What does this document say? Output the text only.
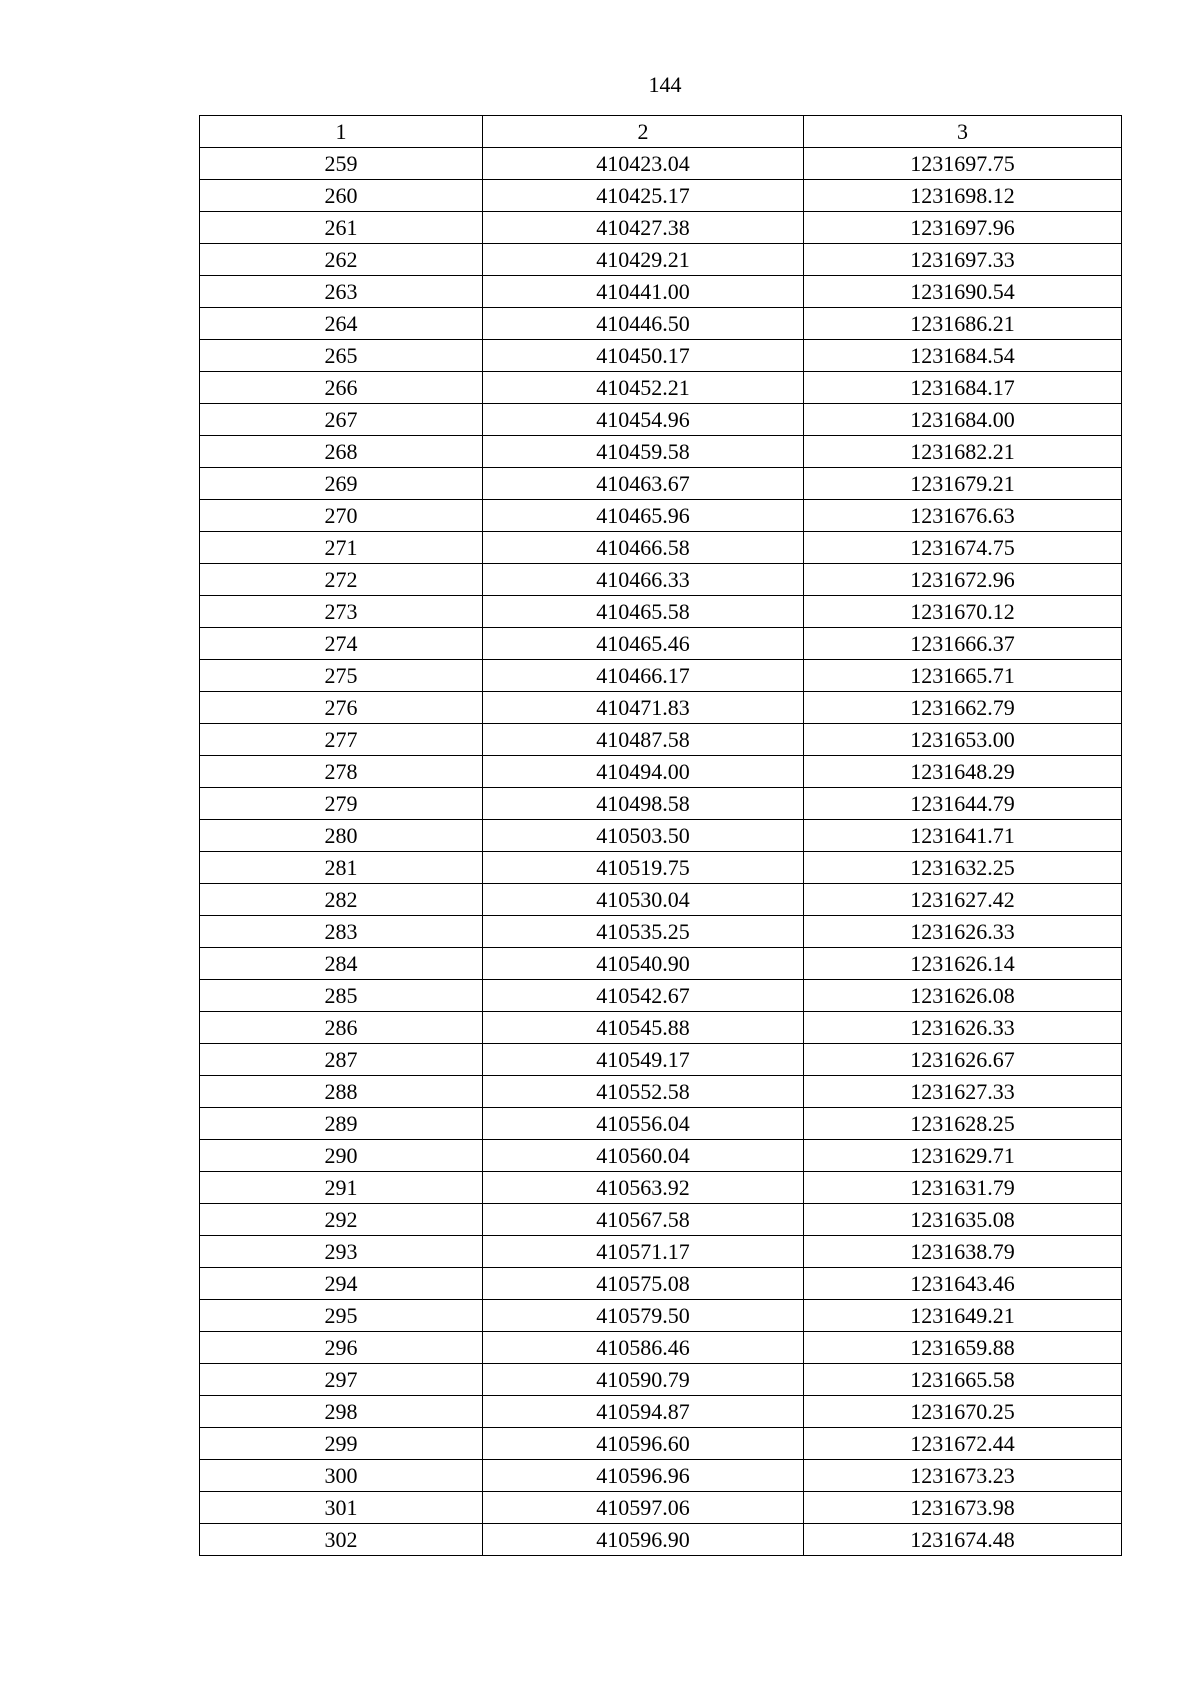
144
1	2	3
259	410423.04	1231697.75
260	410425.17	1231698.12
261	410427.38	1231697.96
262	410429.21	1231697.33
263	410441.00	1231690.54
264	410446.50	1231686.21
265	410450.17	1231684.54
266	410452.21	1231684.17
267	410454.96	1231684.00
268	410459.58	1231682.21
269	410463.67	1231679.21
270	410465.96	1231676.63
271	410466.58	1231674.75
272	410466.33	1231672.96
273	410465.58	1231670.12
274	410465.46	1231666.37
275	410466.17	1231665.71
276	410471.83	1231662.79
277	410487.58	1231653.00
278	410494.00	1231648.29
279	410498.58	1231644.79
280	410503.50	1231641.71
281	410519.75	1231632.25
282	410530.04	1231627.42
283	410535.25	1231626.33
284	410540.90	1231626.14
285	410542.67	1231626.08
286	410545.88	1231626.33
287	410549.17	1231626.67
288	410552.58	1231627.33
289	410556.04	1231628.25
290	410560.04	1231629.71
291	410563.92	1231631.79
292	410567.58	1231635.08
293	410571.17	1231638.79
294	410575.08	1231643.46
295	410579.50	1231649.21
296	410586.46	1231659.88
297	410590.79	1231665.58
298	410594.87	1231670.25
299	410596.60	1231672.44
300	410596.96	1231673.23
301	410597.06	1231673.98
302	410596.90	1231674.48
